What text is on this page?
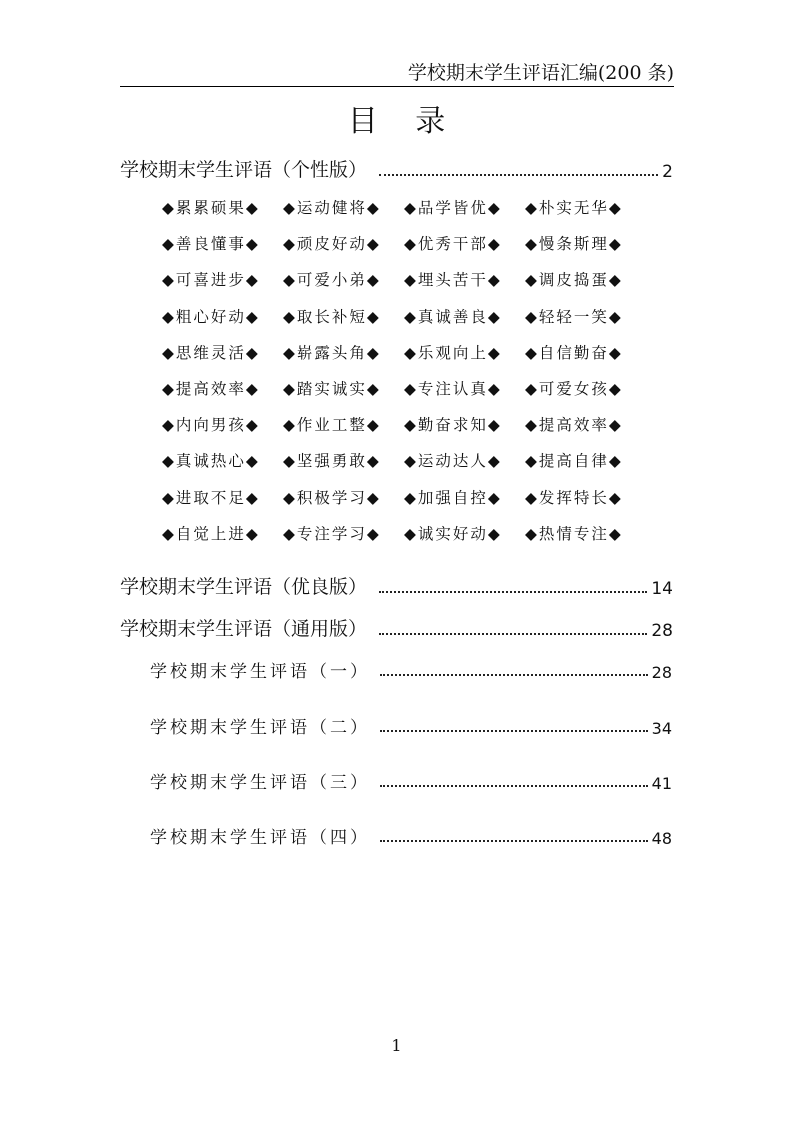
学校期末学生评语汇编(200 条)
目 录
学校期末学生评语（个性版）	2
◆累累硕果◆	◆运动健将◆	◆品学皆优◆	◆朴实无华◆
◆善良懂事◆	◆顽皮好动◆	◆优秀干部◆	◆慢条斯理◆
◆可喜进步◆	◆可爱小弟◆	◆埋头苦干◆	◆调皮捣蛋◆
◆粗心好动◆	◆取长补短◆	◆真诚善良◆	◆轻轻一笑◆
◆思维灵活◆	◆崭露头角◆	◆乐观向上◆	◆自信勤奋◆
◆提高效率◆	◆踏实诚实◆	◆专注认真◆	◆可爱女孩◆
◆内向男孩◆	◆作业工整◆	◆勤奋求知◆	◆提高效率◆
◆真诚热心◆	◆坚强勇敢◆	◆运动达人◆	◆提高自律◆
◆进取不足◆	◆积极学习◆	◆加强自控◆	◆发挥特长◆
◆自觉上进◆	◆专注学习◆	◆诚实好动◆	◆热情专注◆
学校期末学生评语（优良版）	14
学校期末学生评语（通用版）	28
学校期末学生评语（一）	28
学校期末学生评语（二）	34
学校期末学生评语（三）	41
学校期末学生评语（四）	48
1
